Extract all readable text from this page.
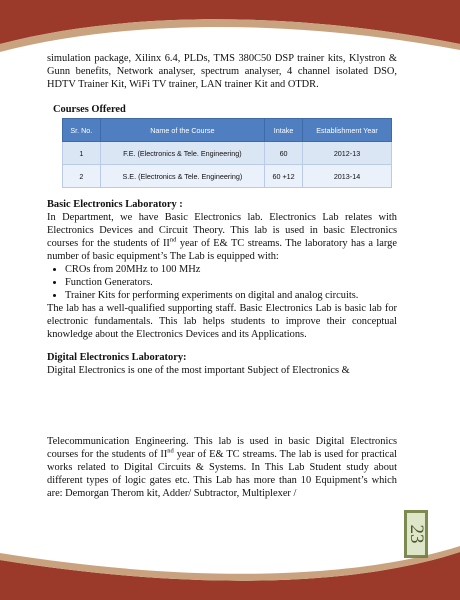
23

simulation package, Xilinx 6.4, PLDs, TMS 380C50 DSP trainer kits, Klystron & Gunn benefits, Network analyser, spectrum analyser, 4 channel isolated DSO, HDTV Trainer Kit, WiFi TV trainer, LAN trainer Kit and OTDR.

Courses Offered

Sr. No.	Name of the Course	Intake	Establishment Year
1	F.E. (Electronics & Tele. Engineering)	60	2012-13
2	S.E. (Electronics & Tele. Engineering)	60 +12	2013-14

Basic Electronics Laboratory :

In Department, we have Basic Electronics lab. Electronics Lab relates with Electronics Devices and Circuit Theory. This lab is used in basic Electronics courses for the students of IInd year of E& TC streams. The laboratory has a large number of basic equipment’s The Lab is equipped with:

• CROs from 20MHz to 100 MHz
• Function Generators.
• Trainer Kits for performing experiments on digital and analog circuits.

The lab has a well-qualified supporting staff. Basic Electronics Lab is basic lab for electronic fundamentals. This lab helps students to improve their conceptual knowledge about the Electronics Devices and its Applications.

Digital Electronics Laboratory:

Digital Electronics is one of the most important Subject of Electronics &

Telecommunication Engineering. This lab is used in basic Digital Electronics courses for the students of IInd year of E& TC streams. The lab is used for practical works related to Digital Circuits & Systems. In This Lab Student study about different types of logic gates etc. This Lab has more than 10 Equipment’s which are: Demorgan Therom kit, Adder/ Subtractor, Multiplexer /
